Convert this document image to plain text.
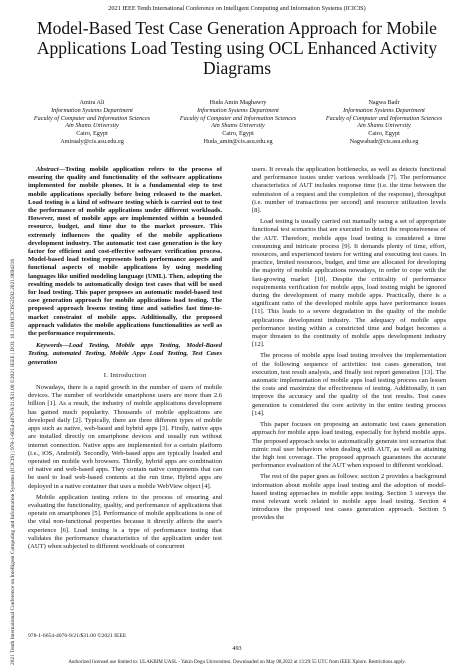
2021 IEEE Tenth International Conference on Intelligent Computing and Information Systems (ICICIS)
Model-Based Test Case Generation Approach for Mobile Applications Load Testing using OCL Enhanced Activity Diagrams
Amira Ali
Information Systems Department
Faculty of Computer and Information Sciences
Ain Shams University
Cairo, Egypt
Amiraaly@cis.asu.edu.eg
Huda Amin Maghawry
Information Systems Department
Faculty of Computer and Information Sciences
Ain Shams University
Cairo, Egypt
Huda_amin@cis.asu.edu.eg
Nagwa Badr
Information Systems Department
Faculty of Computer and Information Sciences
Ain Shams University
Cairo, Egypt
Nagwabadr@cis.asu.edu.eg
2021 Tenth International Conference on Intelligent Computing and Information Systems (ICICIS) | 978-1-6654-4076-9/21/$31.00 ©2021 IEEE | DOI: 10.1109/ICICIS52592.2021.9694216

Abstract—Testing mobile application refers to the process of ensuring the quality and functionality of the software applications implemented for mobile phones. It is a fundamental step to test mobile applications specially before being released to the market. Load testing is a kind of software testing which is carried out to test the performance of mobile applications under different workloads. However, most of mobile apps are implemented within a bounded resource, budget, and time due to the market pressure. This extremely influences the quality of the mobile applications development industry. The automatic test case generation is the key factor for efficient and cost-effective software verification process. Model-based load testing represents both performance aspects and functional aspects of mobile applications by using modeling languages like unified modeling language (UML). Then, adopting the resulting models to automatically design test cases that will be used for load testing. This paper proposes an automatic model-based test case generation approach for mobile applications load testing. The proposed approach lessens testing time and satisfies fast time-to-market constraint of mobile apps. Additionally, the proposed approach validates the mobile applications functionalities as well as the performance requirements.

Keywords—Load Testing, Mobile apps Testing, Model-Based Testing, automated Testing, Mobile Apps Load Testing, Test Cases generation

I. Introduction

Nowadays, there is a rapid growth in the number of users of mobile devices. The number of worldwide smartphone users are more than 2.6 billion [1]. As a result, the industry of mobile applications development has gained much popularity. Thousands of mobile applications are developed daily [2]. Typically, there are three different types of mobile apps such as native, web-based and hybrid apps [3]. Firstly, native apps are installed directly on smartphone devices and usually run without internet connection. Native apps are implemented for a certain platform (i.e., iOS, Android). Secondly, Web-based apps are typically loaded and operated on mobile web browsers. Thirdly, hybrid apps are combination of native and web-based apps. They contain native components that can be used to load web-based contents at the run time. Hybrid apps are deployed in a native container that uses a mobile WebView object [4].

Mobile application testing refers to the process of ensuring and evaluating the functionality, quality, and performance of applications that operate on smartphones [5]. Performance of mobile applications is one of the vital non-functional properties because it directly affects the user's experience [6]. Load testing is a type of performance testing that validates the performance characteristics of the application under test (AUT) when subjected to different workloads of concurrent

users. It reveals the application bottlenecks, as well as detects functional and performance issues under various workloads [7]. The performance characteristics of AUT includes response time (i.e. the time between the submission of a request and the completion of the response), throughput (i.e. number of transactions per second) and resource utilization levels [8].

Load testing is usually carried out manually using a set of appropriate functional test scenarios that are executed to detect the responsiveness of the AUT. Therefore, mobile apps load testing is considered a time consuming and intricate process [9]. It demands plenty of time, effort, resources, and experienced testers for writing and executing test cases. In practice, limited resources, budget, and time are allocated for developing the majority of mobile applications nowadays, in order to cope with the fast-growing market [10]. Despite the criticality of performance requirements verification for mobile apps, load testing might be ignored during the development of many mobile apps. Practically, there is a significant ratio of the developed mobile apps have performance issues [11]. This leads to a severe degradation in the quality of the mobile applications development industry. The adequacy of mobile apps performance testing within a constricted time and budget becomes a major threaten to the continuity of mobile apps development industry [12].

The process of mobile apps load testing involves the implementation of the following sequence of activities: test cases generation, test execution, test result analysis, and finally test report generation [13]. The automatic implementation of mobile apps load testing process can lessen the costs and maximize the effectiveness of testing. Additionally, it can improve the accuracy and the quality of the test results. Test cases generation is considered the core activity in the entire testing process [14].

This paper focuses on proposing an automatic test cases generation approach for mobile apps load testing, especially for hybrid mobile apps. The proposed approach seeks to automatically generate test scenarios that mimic real user behaviors when dealing with AUT, as well as attaining the high test coverage. The proposed approach guarantees the accurate performance evaluation of the AUT when exposed to different workload.

The rest of the paper goes as follows: section 2 provides a background information about mobile apps load testing and the adoption of model-based testing approaches in mobile apps testing. Section 3 surveys the most relevant work related to mobile apps load testing. Section 4 introduces the proposed test cases generation approach. Section 5 provides the

978-1-6654-4076-9/21/$31.00 ©2021 IEEE
493
Authorized licensed use limited to: ULAKBIM UASL - Yakin Dogu Universitesi. Downloaded on May 08,2022 at 13:29:55 UTC from IEEE Xplore. Restrictions apply.
